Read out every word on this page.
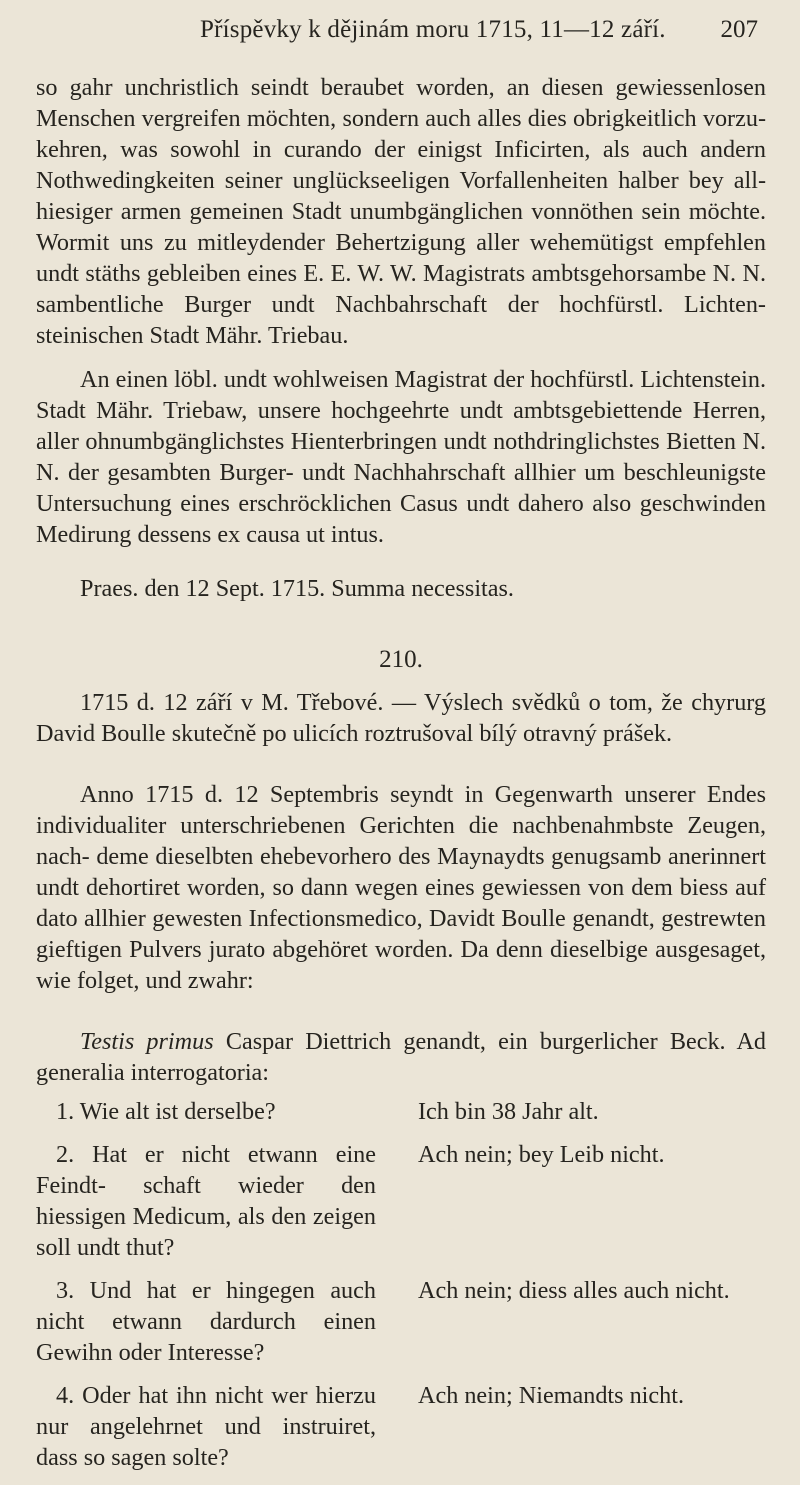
Příspěvky k dějinám moru 1715, 11—12 září. 207

so gahr unchristlich seindt beraubet worden, an diesen gewiessenlosen Menschen vergreifen möchten, sondern auch alles dies obrigkeitlich vorzu- kehren, was sowohl in curando der einigst Inficirten, als auch andern Nothwedingkeiten seiner unglückseeligen Vorfallenheiten halber bey all- hiesiger armen gemeinen Stadt unumbgänglichen vonnöthen sein möchte. Wormit uns zu mitleydender Behertzigung aller wehemütigst empfehlen undt stäths gebleiben eines E. E. W. W. Magistrats ambtsgehorsambe N. N. sambentliche Burger undt Nachbahrschaft der hochfürstl. Lichten- steinischen Stadt Mähr. Triebau.

An einen löbl. undt wohlweisen Magistrat der hochfürstl. Lichtenstein. Stadt Mähr. Triebaw, unsere hochgeehrte undt ambtsgebiettende Herren, aller ohnumbgänglichstes Hienterbringen undt nothdringlichstes Bietten N. N. der gesambten Burger- undt Nachhahrschaft allhier um beschleunigste Untersuchung eines erschröcklichen Casus undt dahero also geschwinden Medirung dessens ex causa ut intus.

Praes. den 12 Sept. 1715. Summa necessitas.

210.

1715 d. 12 září v M. Třebové. — Výslech svědků o tom, že chyrurg David Boulle skutečně po ulicích roztrušoval bílý otravný prášek.

Anno 1715 d. 12 Septembris seyndt in Gegenwarth unserer Endes individualiter unterschriebenen Gerichten die nachbenahmbste Zeugen, nach- deme dieselbten ehebevorhero des Maynaydts genugsamb anerinnert undt dehortiret worden, so dann wegen eines gewiessen von dem biess auf dato allhier gewesten Infectionsmedico, Davidt Boulle genandt, gestrewten gieftigen Pulvers jurato abgehöret worden. Da denn dieselbige ausgesaget, wie folget, und zwahr:

Testis primus Caspar Diettrich genandt, ein burgerlicher Beck. Ad generalia interrogatoria:

1. Wie alt ist derselbe?	Ich bin 38 Jahr alt.
2. Hat er nicht etwann eine Feindt- schaft wieder den hiessigen Medicum, als den zeigen soll undt thut?
Ach nein; bey Leib nicht.
3. Und hat er hingegen auch nicht etwann dardurch einen Gewihn oder Interesse?
Ach nein; diess alles auch nicht.
4. Oder hat ihn nicht wer hierzu nur angelehrnet und instruiret, dass so sagen solte?
Ach nein; Niemandts nicht.
